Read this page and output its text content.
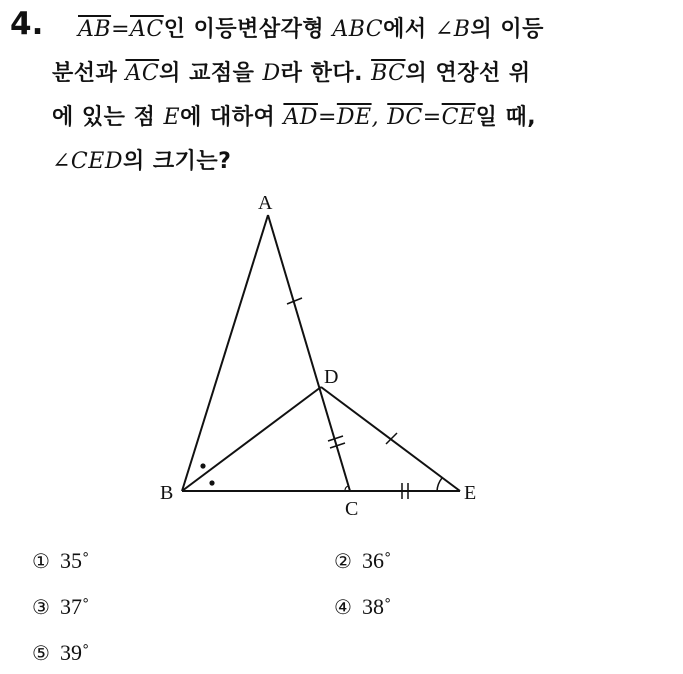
4. $\overline{AB}=\overline{AC}$인 이등변삼각형 ABC에서 ∠B의 이등
분선과 $\overline{AC}$의 교점을 D라 한다. $\overline{BC}$의 연장선 위
에 있는 점 E에 대하여 $\overline{AD}=\overline{DE}$, $\overline{DC}=\overline{CE}$일 때,
∠CED의 크기는?
A
B
C
D
E
① 35˚	② 36˚
③ 37˚	④ 38˚
⑤ 39˚
